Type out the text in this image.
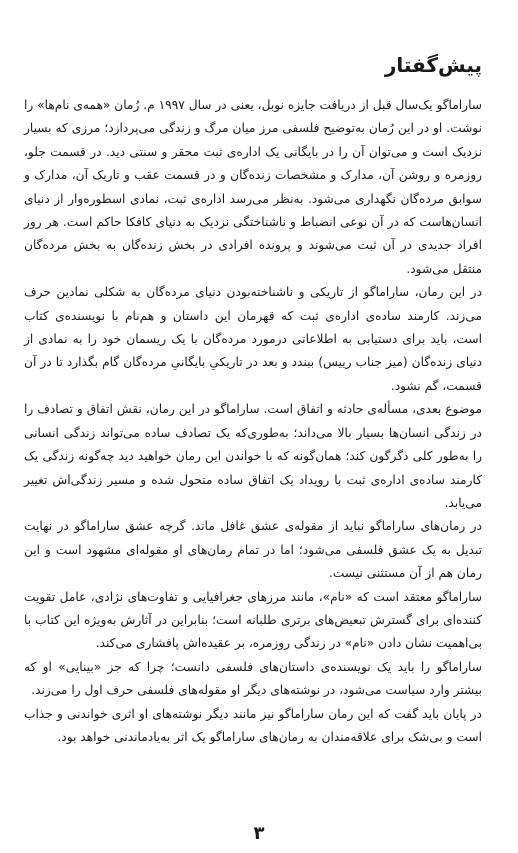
پیش‌گفتار

ساراماگو یک‌سال قبل از دریافت جایزه نوبل، یعنی در سال ۱۹۹۷ م. رُمان «همه‌ی نام‌ها» را نوشت. او در این رُمان به‌توضیح فلسفی مرز میان مرگ و زندگی می‌پردازد؛ مرزی که بسیار نزدیک است و می‌توان آن را در بایگانی یک اداره‌ی ثبت محقر و سنتی دید. در قسمت جلو، روزمره و روشن آن، مدارک و مشخصات زنده‌گان و در قسمت عقب و تاریک آن، مدارک و سوابق مرده‌گان نگهداری می‌شود. به‌نظر می‌رسد اداره‌ی ثبت، نمادی اسطوره‌وار از دنیای انسان‌هاست که در آن نوعی انضباط و ناشناختگی نزدیک به دنیای کافکا حاکم است. هر روز افراد جدیدی در آن ثبت می‌شوند و پرونده افرادی در بخش زنده‌گان به بخش مرده‌گان منتقل می‌شود.

در این رمان، ساراماگو از تاریکی و ناشناخته‌بودن دنیای مرده‌گان به شکلی نمادین حرف می‌زند. کارمند ساده‌ی اداره‌ی ثبت که قهرمان این داستان و هم‌نام با نویسنده‌ی کتاب است، باید برای دستیابی به اطلاعاتی درمورد مرده‌گان با یک ریسمان خود را به نمادی از دنیای زنده‌گان (میز جناب رییس) ببندد و بعد در تاریکیِ بایگانیِ مرده‌گان گام بگذارد تا در آن قسمت، گم نشود.

موضوع بعدی، مسأله‌ی حادثه و اتفاق است. ساراماگو در این رمان، نقش اتفاق و تصادف را در زندگی انسان‌ها بسیار بالا می‌داند؛ به‌طوری‌که یک تصادف ساده می‌تواند زندگی انسانی را به‌طور کلی دگرگون کند؛ همان‌گونه که با خواندن این رمان خواهید دید چه‌گونه زندگی یک کارمند ساده‌ی اداره‌ی ثبت با رویداد یک اتفاق ساده متحول شده و مسیر زندگی‌اش تغییر می‌یابد.

در رمان‌های ساراماگو نباید از مقوله‌ی عشق غافل ماند. گرچه عشق ساراماگو در نهایت تبدیل به یک عشق فلسفی می‌شود؛ اما در تمام رمان‌های او مقوله‌ای مشهود است و این رمان هم از آن مستثنی نیست.

ساراماگو معتقد است که «نام»، مانند مرزهای جغرافیایی و تفاوت‌های نژادی، عامل تقویت کننده‌ای برای گسترش تبعیض‌های برتری طلبانه است؛ بنابراین در آثارش به‌ویژه این کتاب با بی‌اهمیت نشان دادن «نام» در زندگی روزمره، بر عقیده‌اش پافشاری می‌کند.

ساراماگو را باید یک نویسنده‌ی داستان‌های فلسفی دانست؛ چرا که جز «بینایی» او که بیشتر وارد سیاست می‌شود، در نوشته‌های دیگر او مقوله‌های فلسفی حرف اول را می‌زند.

در پایان باید گفت که این رمان ساراماگو نیز مانند دیگر نوشته‌های او اثری خواندنی و جذاب است و بی‌شک برای علاقه‌مندان به رمان‌های ساراماگو یک اثر به‌یادماندنی خواهد بود.

۳
